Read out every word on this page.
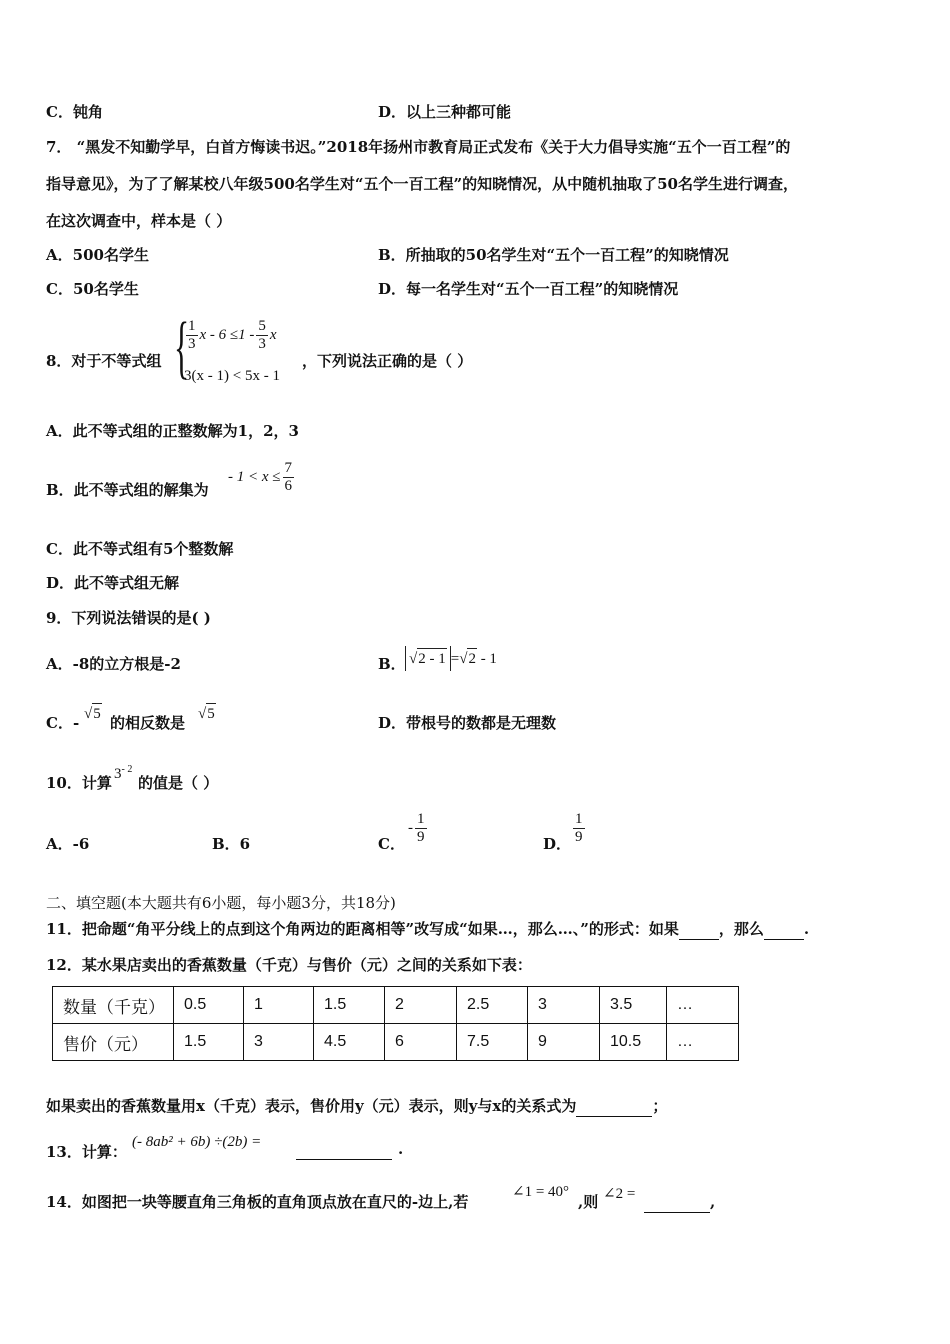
C．钝角	D．以上三种都可能
7． “黑发不知勤学早，白首方悔读书迟。”2018年扬州市教育局正式发布《关于大力倡导实施“五个一百工程”的
指导意见》，为了了解某校八年级500名学生对“五个一百工程”的知晓情况，从中随机抽取了50名学生进行调查，
在这次调查中，样本是（ ）
A．500名学生	B．所抽取的50名学生对“五个一百工程”的知晓情况
C．50名学生	D．每一名学生对“五个一百工程”的知晓情况
8．对于不等式组 {
$\frac{1}{3}$ $x - 6 \le 1 - \frac{5}{3}$ x
3(x - 1) < 5x - 1
，下列说法正确的是（ ）
A．此不等式组的正整数解为1，2，3
B．此不等式组的解集为
- $1 < x \le \frac{7}{6}$
C．此不等式组有5个整数解
D．此不等式组无解
9．下列说法错误的是( )
A．-8的立方根是-2	B． √2 - 1 =√2 - 1
C．- √5 的相反数是 √5	D．带根号的数都是无理数
10．计算 $3^{- 2}$
的值是（ ）
A．-6	B．6	C．
- $\frac{1}{9}$	D． $\frac{1}{9}$
二、填空题(本大题共有6小题，每小题3分，共18分)
11．把命题“角平分线上的点到这个角两边的距离相等”改写成“如果…，那么…、”的形式：如果	，那么	.
12．某水果店卖出的香蕉数量（千克）与售价（元）之间的关系如下表：
数量（千克）	0.5	1	1.5	2	2.5	3	3.5	…
售价（元）	1.5	3	4.5	6	7.5	9	10.5	…
如果卖出的香蕉数量用x（千克）表示，售价用y（元）表示，则y与x的关系式为	；
13．计算：
(- 8ab² + 6b) ÷(2b) =	.
14．如图把一块等腰直角三角板的直角顶点放在直尺的-边上,若
∠1 = 40°
,则 ∠2 =	,
